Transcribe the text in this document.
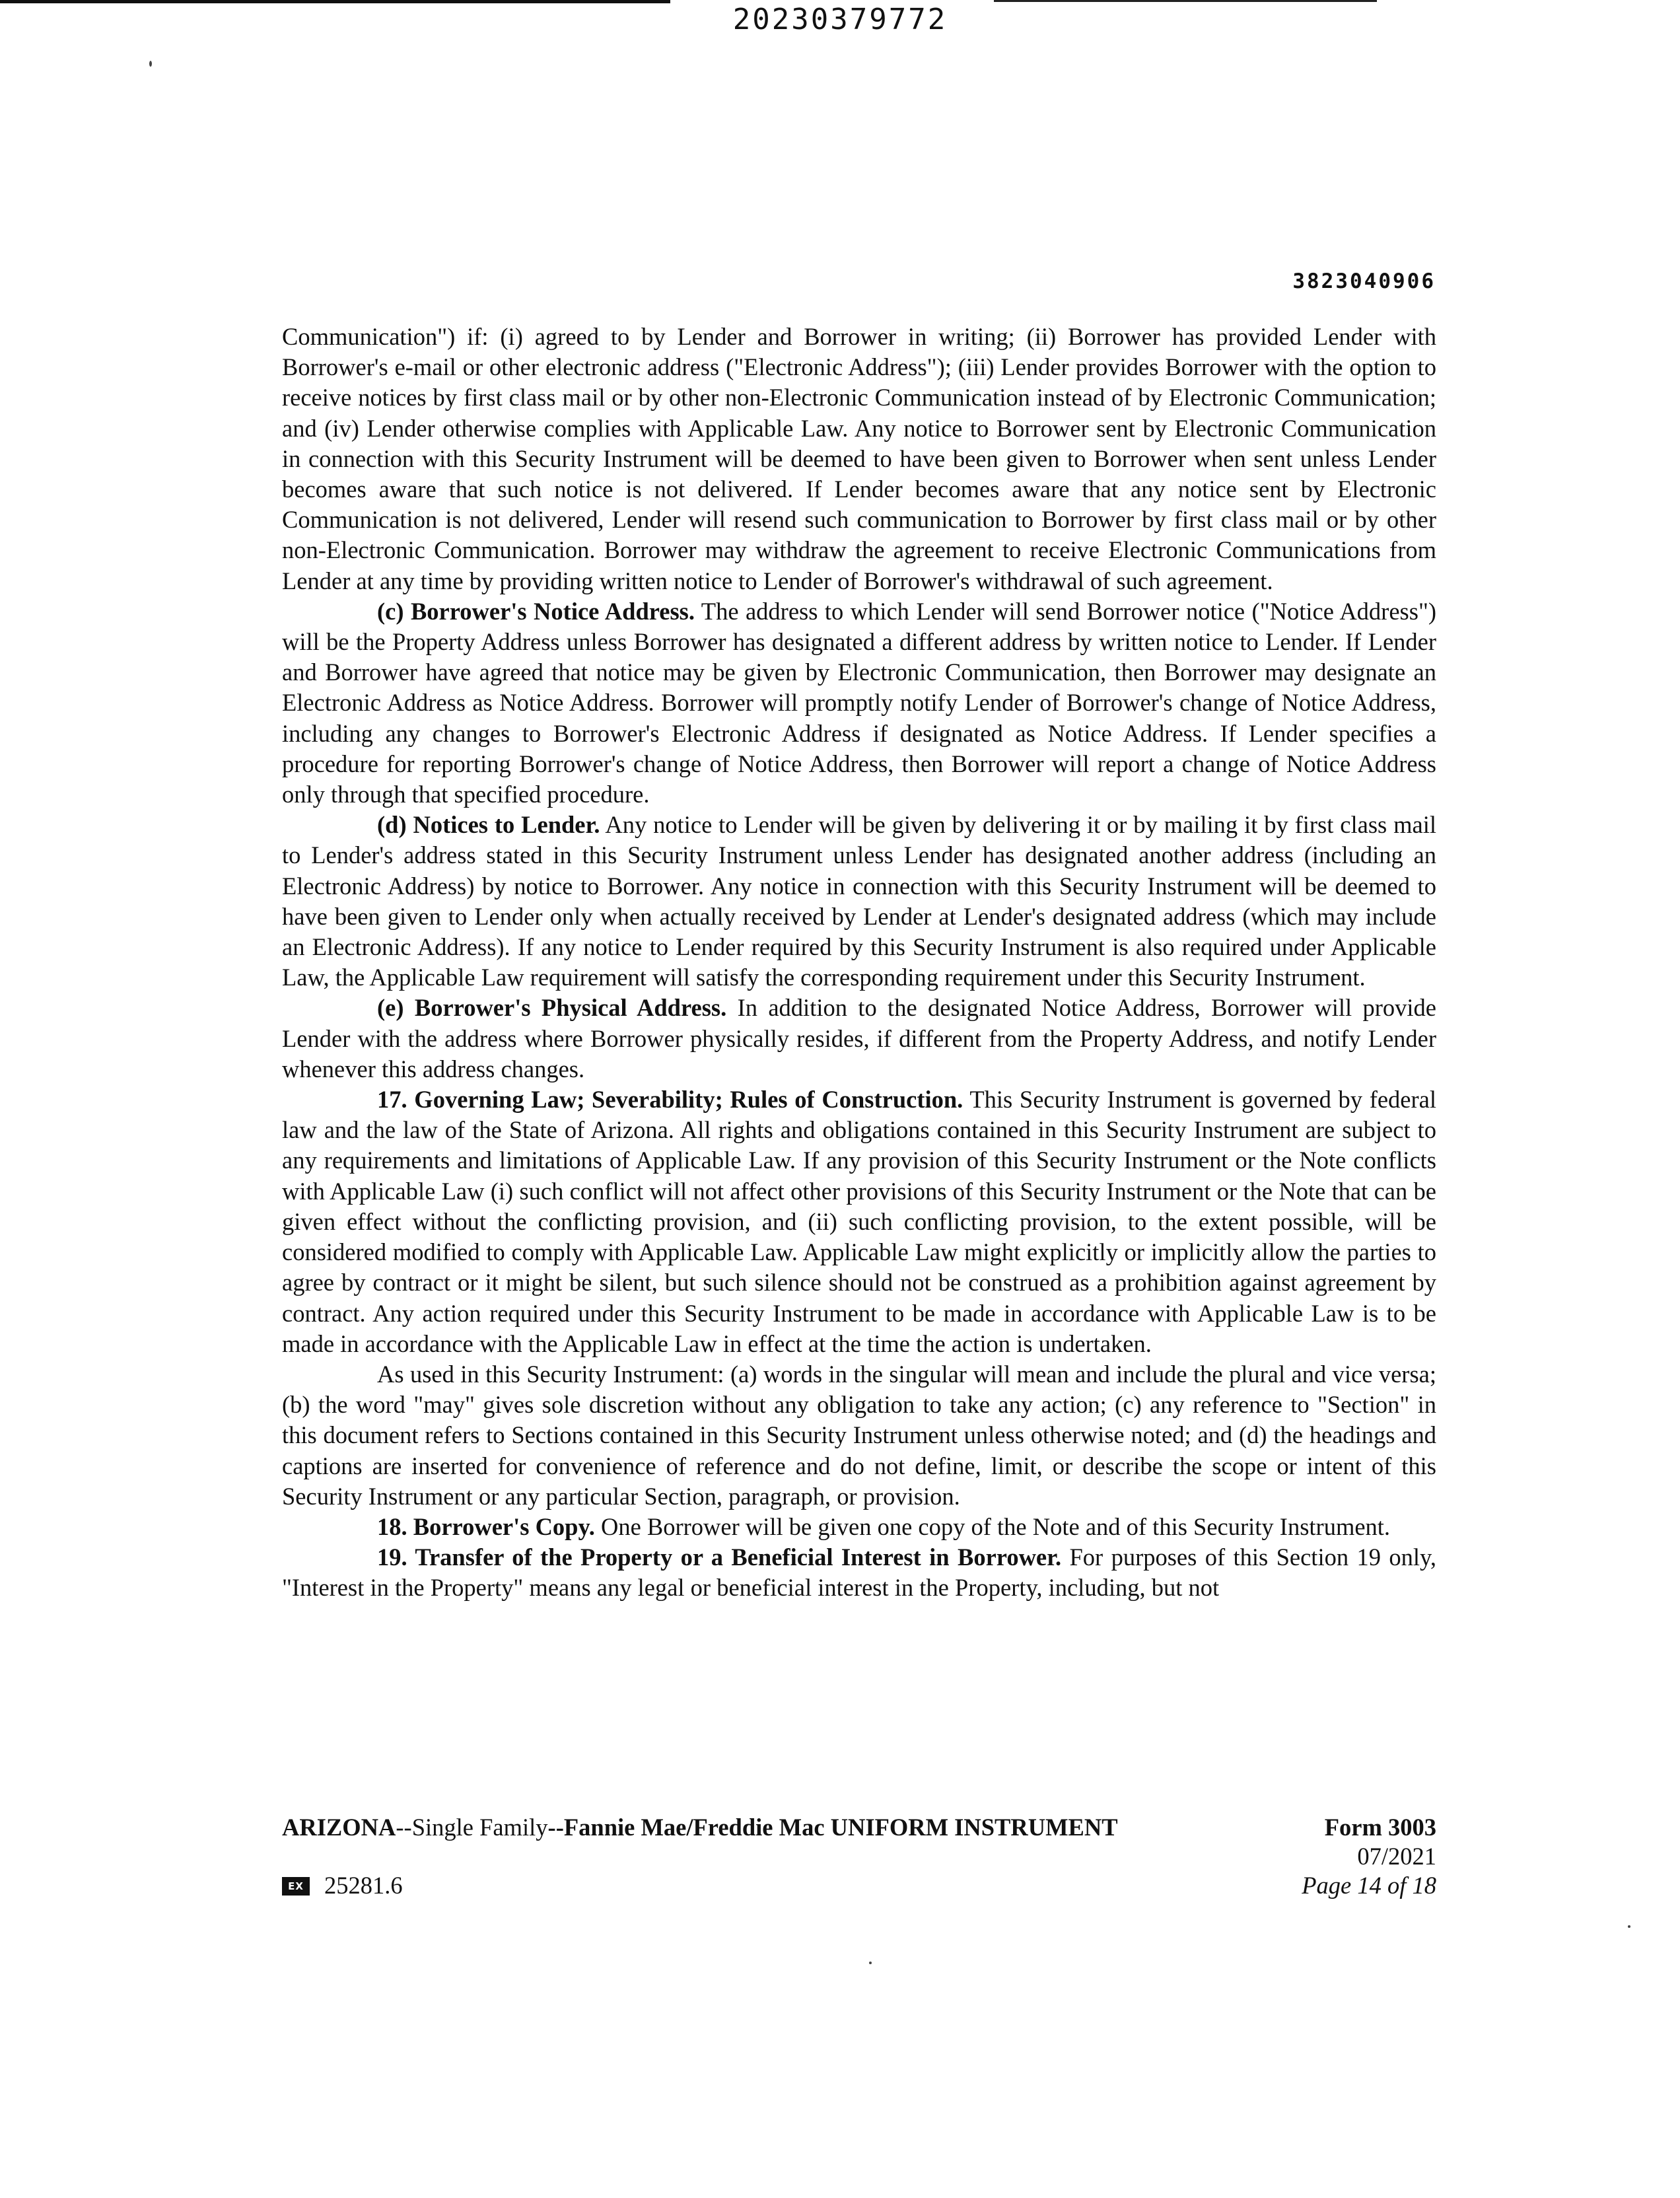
20230379772
3823040906

Communication") if: (i) agreed to by Lender and Borrower in writing; (ii) Borrower has provided Lender with Borrower's e-mail or other electronic address ("Electronic Address"); (iii) Lender provides Borrower with the option to receive notices by first class mail or by other non-Electronic Communication instead of by Electronic Communication; and (iv) Lender otherwise complies with Applicable Law. Any notice to Borrower sent by Electronic Communication in connection with this Security Instrument will be deemed to have been given to Borrower when sent unless Lender becomes aware that such notice is not delivered. If Lender becomes aware that any notice sent by Electronic Communication is not delivered, Lender will resend such communication to Borrower by first class mail or by other non-Electronic Communication. Borrower may withdraw the agreement to receive Electronic Communications from Lender at any time by providing written notice to Lender of Borrower's withdrawal of such agreement.

(c) Borrower's Notice Address. The address to which Lender will send Borrower notice ("Notice Address") will be the Property Address unless Borrower has designated a different address by written notice to Lender. If Lender and Borrower have agreed that notice may be given by Electronic Communication, then Borrower may designate an Electronic Address as Notice Address. Borrower will promptly notify Lender of Borrower's change of Notice Address, including any changes to Borrower's Electronic Address if designated as Notice Address. If Lender specifies a procedure for reporting Borrower's change of Notice Address, then Borrower will report a change of Notice Address only through that specified procedure.

(d) Notices to Lender. Any notice to Lender will be given by delivering it or by mailing it by first class mail to Lender's address stated in this Security Instrument unless Lender has designated another address (including an Electronic Address) by notice to Borrower. Any notice in connection with this Security Instrument will be deemed to have been given to Lender only when actually received by Lender at Lender's designated address (which may include an Electronic Address). If any notice to Lender required by this Security Instrument is also required under Applicable Law, the Applicable Law requirement will satisfy the corresponding requirement under this Security Instrument.

(e) Borrower's Physical Address. In addition to the designated Notice Address, Borrower will provide Lender with the address where Borrower physically resides, if different from the Property Address, and notify Lender whenever this address changes.

17. Governing Law; Severability; Rules of Construction. This Security Instrument is governed by federal law and the law of the State of Arizona. All rights and obligations contained in this Security Instrument are subject to any requirements and limitations of Applicable Law. If any provision of this Security Instrument or the Note conflicts with Applicable Law (i) such conflict will not affect other provisions of this Security Instrument or the Note that can be given effect without the conflicting provision, and (ii) such conflicting provision, to the extent possible, will be considered modified to comply with Applicable Law. Applicable Law might explicitly or implicitly allow the parties to agree by contract or it might be silent, but such silence should not be construed as a prohibition against agreement by contract. Any action required under this Security Instrument to be made in accordance with Applicable Law is to be made in accordance with the Applicable Law in effect at the time the action is undertaken.

As used in this Security Instrument: (a) words in the singular will mean and include the plural and vice versa; (b) the word "may" gives sole discretion without any obligation to take any action; (c) any reference to "Section" in this document refers to Sections contained in this Security Instrument unless otherwise noted; and (d) the headings and captions are inserted for convenience of reference and do not define, limit, or describe the scope or intent of this Security Instrument or any particular Section, paragraph, or provision.

18. Borrower's Copy. One Borrower will be given one copy of the Note and of this Security Instrument.

19. Transfer of the Property or a Beneficial Interest in Borrower. For purposes of this Section 19 only, "Interest in the Property" means any legal or beneficial interest in the Property, including, but not

ARIZONA--Single Family--Fannie Mae/Freddie Mac UNIFORM INSTRUMENT	Form 3003
07/2021
Page 14 of 18
EX 25281.6
